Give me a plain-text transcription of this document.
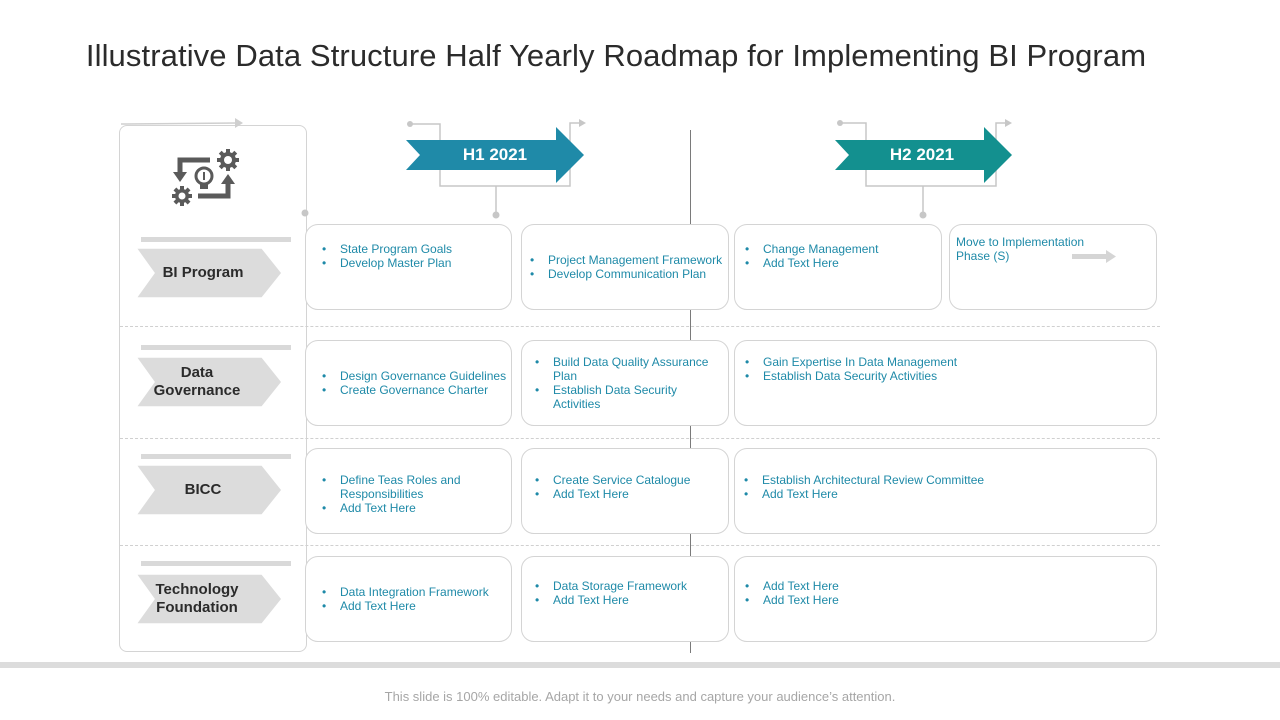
Illustrative Data Structure Half Yearly Roadmap for Implementing BI Program
H1 2021	H2 2021
BI Program
• State Program Goals
• Develop Master Plan
•	Project Management Framework
• Develop Communication Plan
• Change Management
• Add Text Here
Move to Implementation Phase (S)
Data
Governance
• Design Governance Guidelines
• Create Governance Charter
• Build Data Quality Assurance Plan
• Establish Data Security Activities
• Gain Expertise In Data Management
• Establish Data Security Activities
BICC
• Define Teas Roles and Responsibilities
• Add Text Here
• Create Service Catalogue
• Add Text Here
• Establish Architectural Review Committee
• Add Text Here
Technology
Foundation
• Data Integration Framework
• Add Text Here
• Data Storage Framework
• Add Text Here
• Add Text Here
• Add Text Here
This slide is 100% editable. Adapt it to your needs and capture your audience’s attention.
